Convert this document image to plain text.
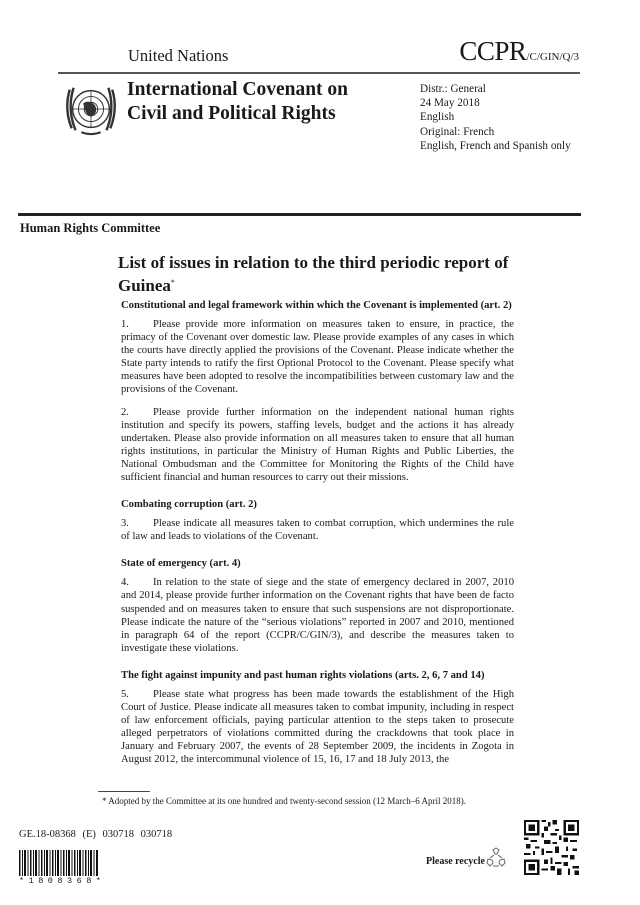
United Nations	CCPR/C/GIN/Q/3
International Covenant on
Civil and Political Rights
Distr.: General
24 May 2018
English
Original: French
English, French and Spanish only
Human Rights Committee
List of issues in relation to the third periodic report of Guinea*
Constitutional and legal framework within which the Covenant is implemented (art. 2)

1. Please provide more information on measures taken to ensure, in practice, the primacy of the Covenant over domestic law. Please provide examples of any cases in which the courts have directly applied the provisions of the Covenant. Please indicate whether the State party intends to ratify the first Optional Protocol to the Covenant. Please specify what measures have been adopted to resolve the incompatibilities between customary law and the provisions of the Covenant.

2. Please provide further information on the independent national human rights institution and specify its powers, staffing levels, budget and the actions it has already undertaken. Please also provide information on all measures taken to ensure that all human rights institutions, in particular the Ministry of Human Rights and Public Liberties, the National Ombudsman and the Committee for Monitoring the Rights of the Child have sufficient financial and human resources to carry out their missions.

Combating corruption (art. 2)

3. Please indicate all measures taken to combat corruption, which undermines the rule of law and leads to violations of the Covenant.

State of emergency (art. 4)

4. In relation to the state of siege and the state of emergency declared in 2007, 2010 and 2014, please provide further information on the Covenant rights that have been de facto suspended and on measures taken to ensure that such suspensions are not disproportionate. Please indicate the nature of the “serious violations” reported in 2007 and 2010, mentioned in paragraph 64 of the report (CCPR/C/GIN/3), and describe the measures taken to investigate these violations.

The fight against impunity and past human rights violations (arts. 2, 6, 7 and 14)

5. Please state what progress has been made towards the establishment of the High Court of Justice. Please indicate all measures taken to combat impunity, including in respect of law enforcement officials, paying particular attention to the steps taken to prosecute alleged perpetrators of violations committed during the crackdowns that took place in January and February 2007, the events of 28 September 2009, the incidents in Zogota in August 2012, the intercommunal violence of 15, 16, 17 and 18 July 2013, the

* Adopted by the Committee at its one hundred and twenty-second session (12 March–6 April 2018).
GE.18-08368 (E) 030718 030718
*1808368*
Please recycle
